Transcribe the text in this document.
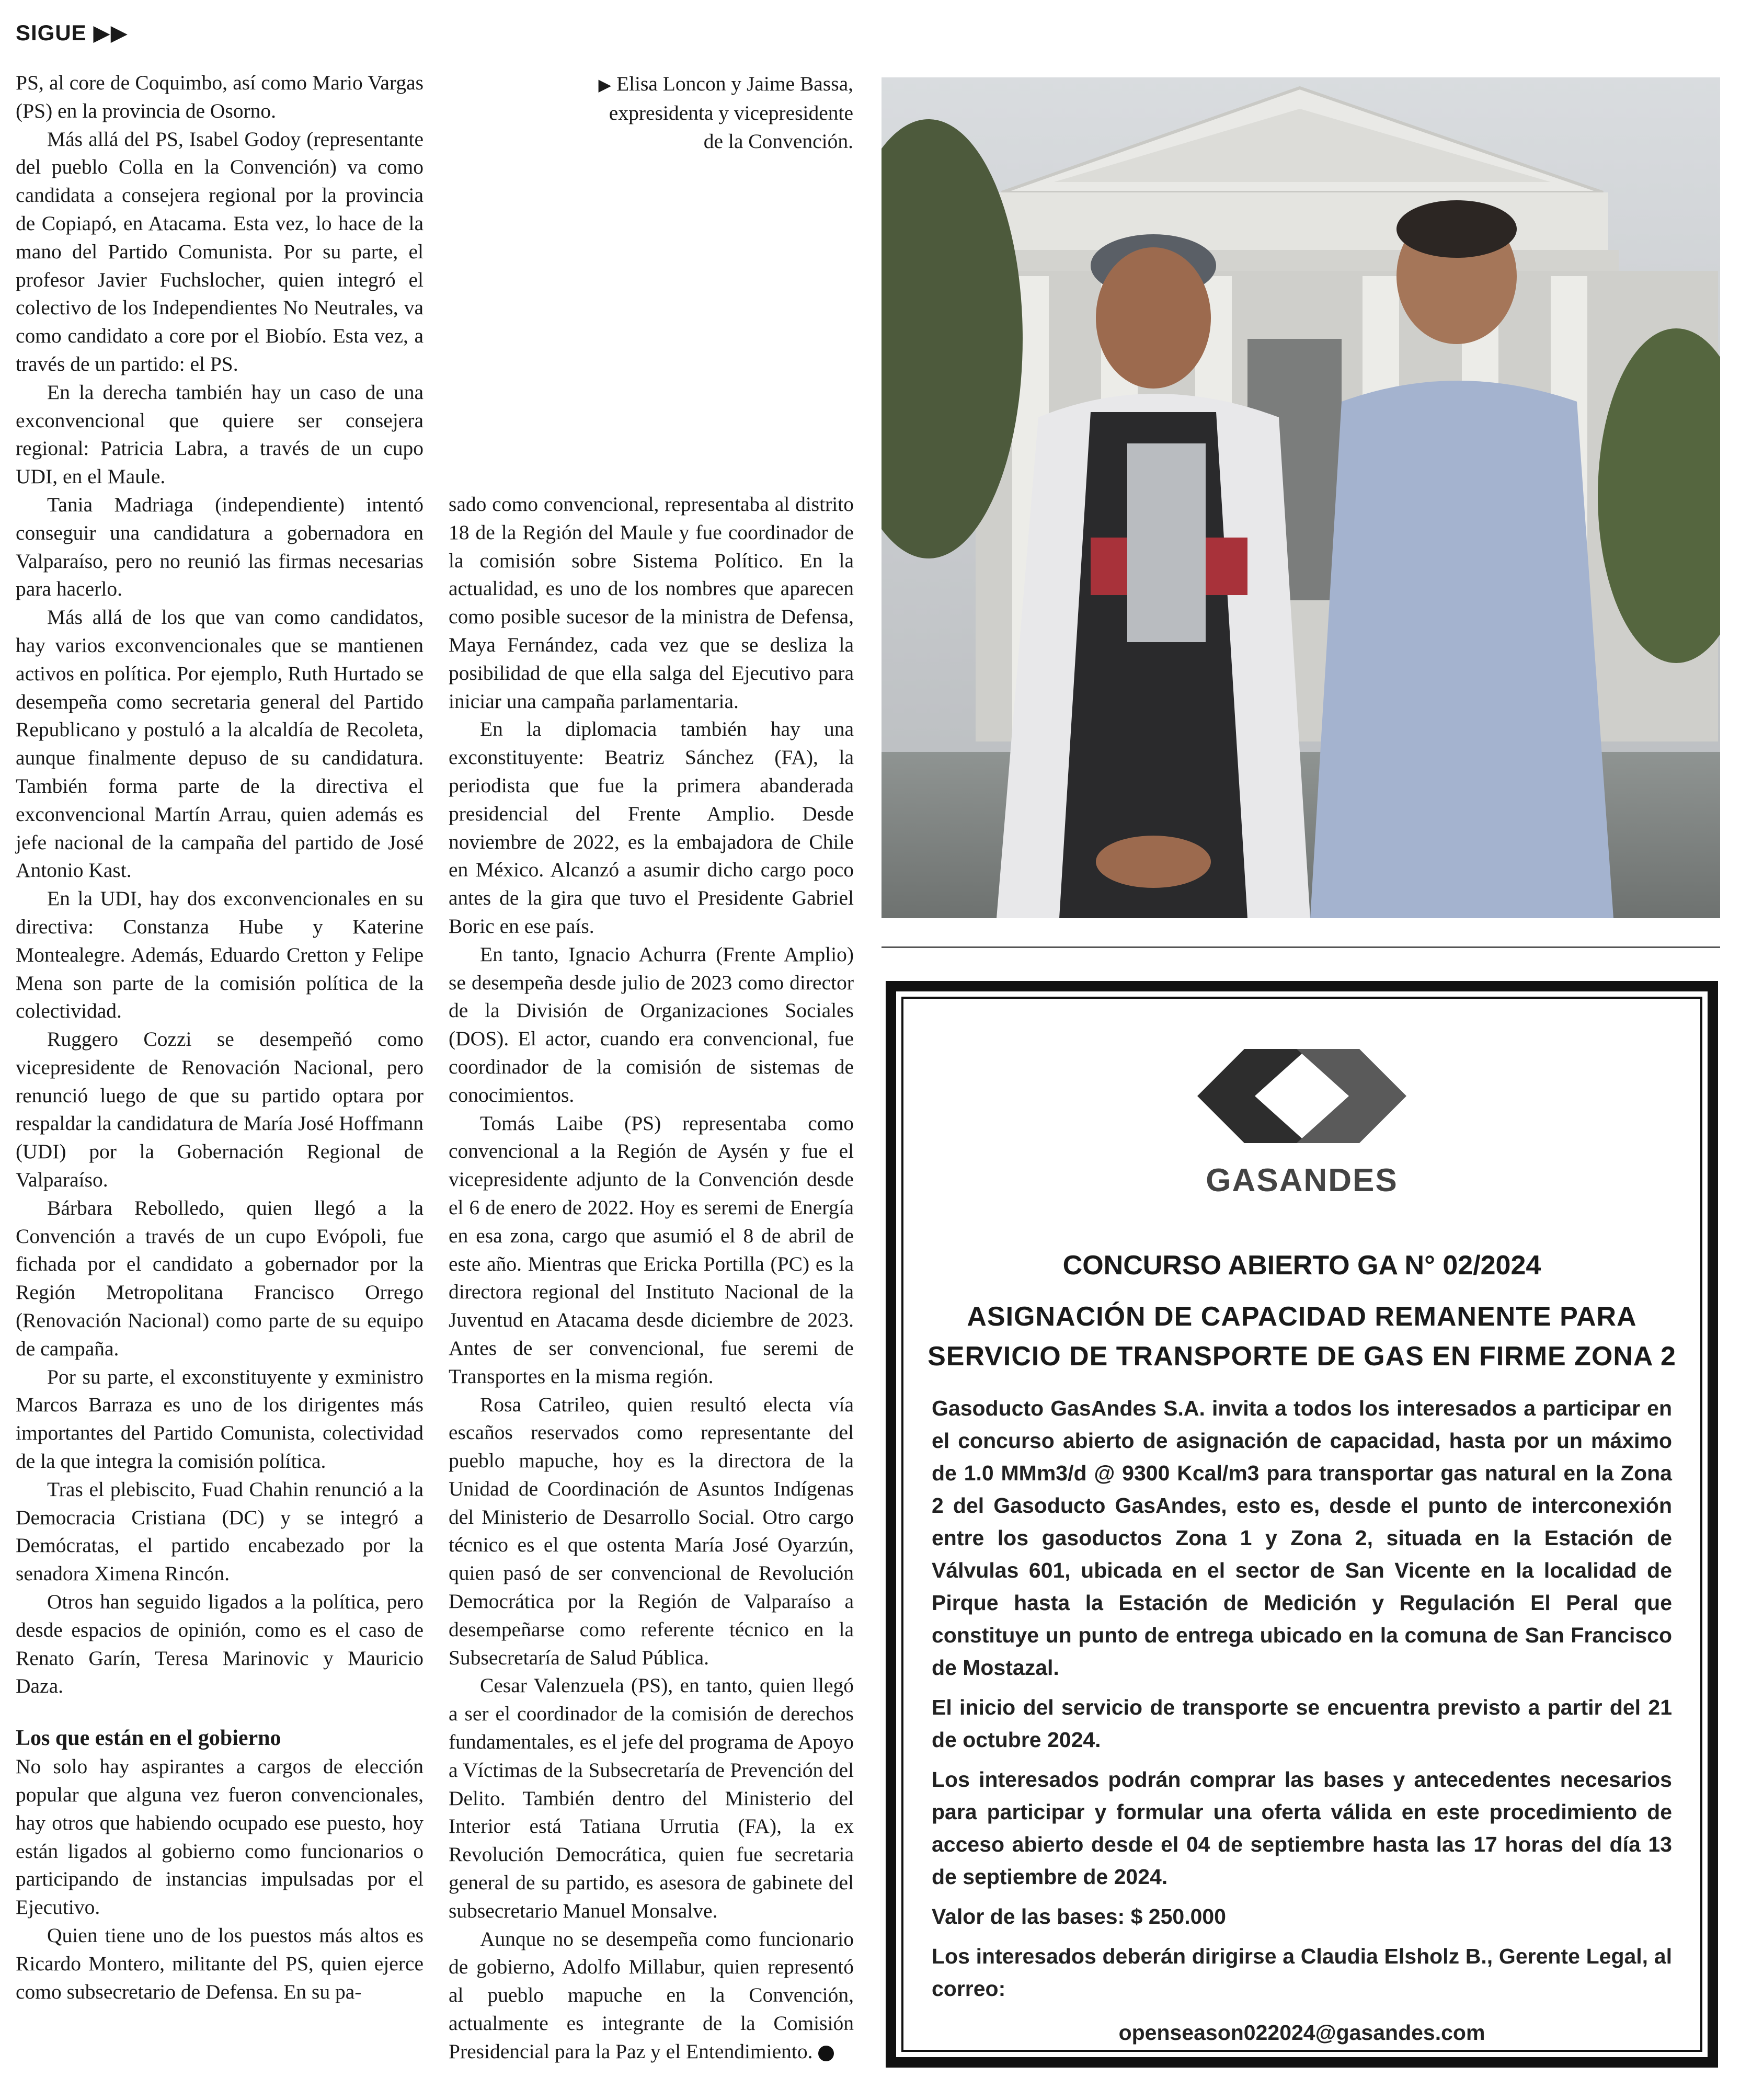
SIGUE ▶▶

PS, al core de Coquimbo, así como Mario Vargas (PS) en la provincia de Osorno.

Más allá del PS, Isabel Godoy (representante del pueblo Colla en la Convención) va como candidata a consejera regional por la provincia de Copiapó, en Atacama. Esta vez, lo hace de la mano del Partido Comunista. Por su parte, el profesor Javier Fuchslocher, quien integró el colectivo de los Independientes No Neutrales, va como candidato a core por el Biobío. Esta vez, a través de un partido: el PS.

En la derecha también hay un caso de una exconvencional que quiere ser consejera regional: Patricia Labra, a través de un cupo UDI, en el Maule.

Tania Madriaga (independiente) intentó conseguir una candidatura a gobernadora en Valparaíso, pero no reunió las firmas necesarias para hacerlo.

Más allá de los que van como candidatos, hay varios exconvencionales que se mantienen activos en política. Por ejemplo, Ruth Hurtado se desempeña como secretaria general del Partido Republicano y postuló a la alcaldía de Recoleta, aunque finalmente depuso de su candidatura. También forma parte de la directiva el exconvencional Martín Arrau, quien además es jefe nacional de la campaña del partido de José Antonio Kast.

En la UDI, hay dos exconvencionales en su directiva: Constanza Hube y Katerine Montealegre. Además, Eduardo Cretton y Felipe Mena son parte de la comisión política de la colectividad.

Ruggero Cozzi se desempeñó como vicepresidente de Renovación Nacional, pero renunció luego de que su partido optara por respaldar la candidatura de María José Hoffmann (UDI) por la Gobernación Regional de Valparaíso.

Bárbara Rebolledo, quien llegó a la Convención a través de un cupo Evópoli, fue fichada por el candidato a gobernador por la Región Metropolitana Francisco Orrego (Renovación Nacional) como parte de su equipo de campaña.

Por su parte, el exconstituyente y exministro Marcos Barraza es uno de los dirigentes más importantes del Partido Comunista, colectividad de la que integra la comisión política.

Tras el plebiscito, Fuad Chahin renunció a la Democracia Cristiana (DC) y se integró a Demócratas, el partido encabezado por la senadora Ximena Rincón.

Otros han seguido ligados a la política, pero desde espacios de opinión, como es el caso de Renato Garín, Teresa Marinovic y Mauricio Daza.

Los que están en el gobierno

No solo hay aspirantes a cargos de elección popular que alguna vez fueron convencionales, hay otros que habiendo ocupado ese puesto, hoy están ligados al gobierno como funcionarios o participando de instancias impulsadas por el Ejecutivo.

Quien tiene uno de los puestos más altos es Ricardo Montero, militante del PS, quien ejerce como subsecretario de Defensa. En su pa-

▶ Elisa Loncon y Jaime Bassa,
expresidenta y vicepresidente
de la Convención.

sado como convencional, representaba al distrito 18 de la Región del Maule y fue coordinador de la comisión sobre Sistema Político. En la actualidad, es uno de los nombres que aparecen como posible sucesor de la ministra de Defensa, Maya Fernández, cada vez que se desliza la posibilidad de que ella salga del Ejecutivo para iniciar una campaña parlamentaria.

En la diplomacia también hay una exconstituyente: Beatriz Sánchez (FA), la periodista que fue la primera abanderada presidencial del Frente Amplio. Desde noviembre de 2022, es la embajadora de Chile en México. Alcanzó a asumir dicho cargo poco antes de la gira que tuvo el Presidente Gabriel Boric en ese país.

En tanto, Ignacio Achurra (Frente Amplio) se desempeña desde julio de 2023 como director de la División de Organizaciones Sociales (DOS). El actor, cuando era convencional, fue coordinador de la comisión de sistemas de conocimientos.

Tomás Laibe (PS) representaba como convencional a la Región de Aysén y fue el vicepresidente adjunto de la Convención desde el 6 de enero de 2022. Hoy es seremi de Energía en esa zona, cargo que asumió el 8 de abril de este año. Mientras que Ericka Portilla (PC) es la directora regional del Instituto Nacional de la Juventud en Atacama desde diciembre de 2023. Antes de ser convencional, fue seremi de Transportes en la misma región.

Rosa Catrileo, quien resultó electa vía escaños reservados como representante del pueblo mapuche, hoy es la directora de la Unidad de Coordinación de Asuntos Indígenas del Ministerio de Desarrollo Social. Otro cargo técnico es el que ostenta María José Oyarzún, quien pasó de ser convencional de Revolución Democrática por la Región de Valparaíso a desempeñarse como referente técnico en la Subsecretaría de Salud Pública.

Cesar Valenzuela (PS), en tanto, quien llegó a ser el coordinador de la comisión de derechos fundamentales, es el jefe del programa de Apoyo a Víctimas de la Subsecretaría de Prevención del Delito. También dentro del Ministerio del Interior está Tatiana Urrutia (FA), la ex Revolución Democrática, quien fue secretaria general de su partido, es asesora de gabinete del subsecretario Manuel Monsalve.

Aunque no se desempeña como funcionario de gobierno, Adolfo Millabur, quien representó al pueblo mapuche en la Convención, actualmente es integrante de la Comisión Presidencial para la Paz y el Entendimiento.

GASANDES
CONCURSO ABIERTO GA N° 02/2024
ASIGNACIÓN DE CAPACIDAD REMANENTE PARA
SERVICIO DE TRANSPORTE DE GAS EN FIRME ZONA 2

Gasoducto GasAndes S.A. invita a todos los interesados a participar en el concurso abierto de asignación de capacidad, hasta por un máximo de 1.0 MMm3/d @ 9300 Kcal/m3 para transportar gas natural en la Zona 2 del Gasoducto GasAndes, esto es, desde el punto de interconexión entre los gasoductos Zona 1 y Zona 2, situada en la Estación de Válvulas 601, ubicada en el sector de San Vicente en la localidad de Pirque hasta la Estación de Medición y Regulación El Peral que constituye un punto de entrega ubicado en la comuna de San Francisco de Mostazal.

El inicio del servicio de transporte se encuentra previsto a partir del 21 de octubre 2024.

Los interesados podrán comprar las bases y antecedentes necesarios para participar y formular una oferta válida en este procedimiento de acceso abierto desde el 04 de septiembre hasta las 17 horas del día 13 de septiembre de 2024.

Valor de las bases: $ 250.000

Los interesados deberán dirigirse a Claudia Elsholz B., Gerente Legal, al correo:

openseason022024@gasandes.com
